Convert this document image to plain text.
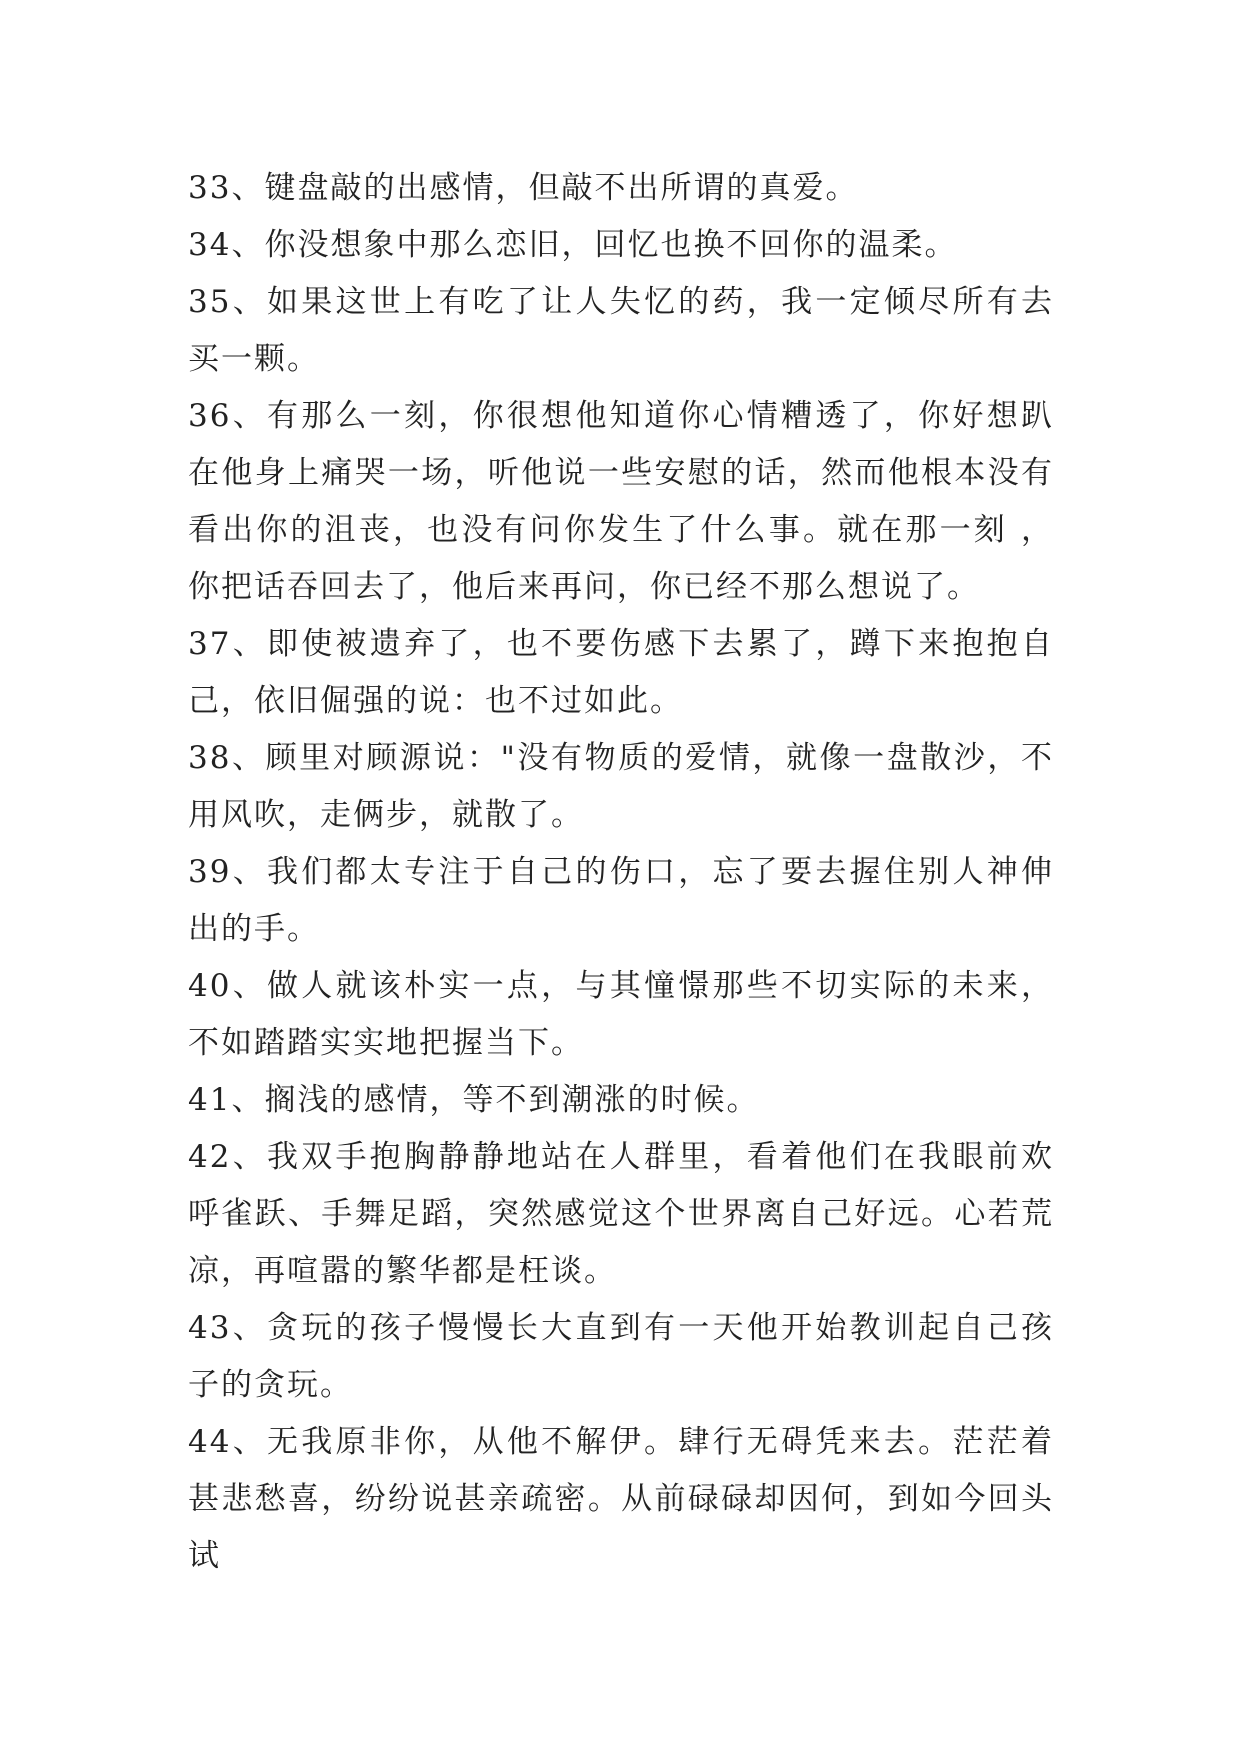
33、键盘敲的出感情，但敲不出所谓的真爱。

34、你没想象中那么恋旧，回忆也换不回你的温柔。

35、如果这世上有吃了让人失忆的药，我一定倾尽所有去买一颗。

36、有那么一刻，你很想他知道你心情糟透了，你好想趴在他身上痛哭一场，听他说一些安慰的话，然而他根本没有看出你的沮丧，也没有问你发生了什么事。就在那一刻 ，你把话吞回去了，他后来再问，你已经不那么想说了。

37、即使被遗弃了，也不要伤感下去累了，蹲下来抱抱自己，依旧倔强的说：也不过如此。

38、顾里对顾源说："没有物质的爱情，就像一盘散沙，不用风吹，走俩步，就散了。

39、我们都太专注于自己的伤口，忘了要去握住别人神伸出的手。

40、做人就该朴实一点，与其憧憬那些不切实际的未来，不如踏踏实实地把握当下。

41、搁浅的感情，等不到潮涨的时候。

42、我双手抱胸静静地站在人群里，看着他们在我眼前欢呼雀跃、手舞足蹈，突然感觉这个世界离自己好远。心若荒凉，再喧嚣的繁华都是枉谈。

43、贪玩的孩子慢慢长大直到有一天他开始教训起自己孩子的贪玩。

44、无我原非你，从他不解伊。肆行无碍凭来去。茫茫着甚悲愁喜，纷纷说甚亲疏密。从前碌碌却因何，到如今回头试
